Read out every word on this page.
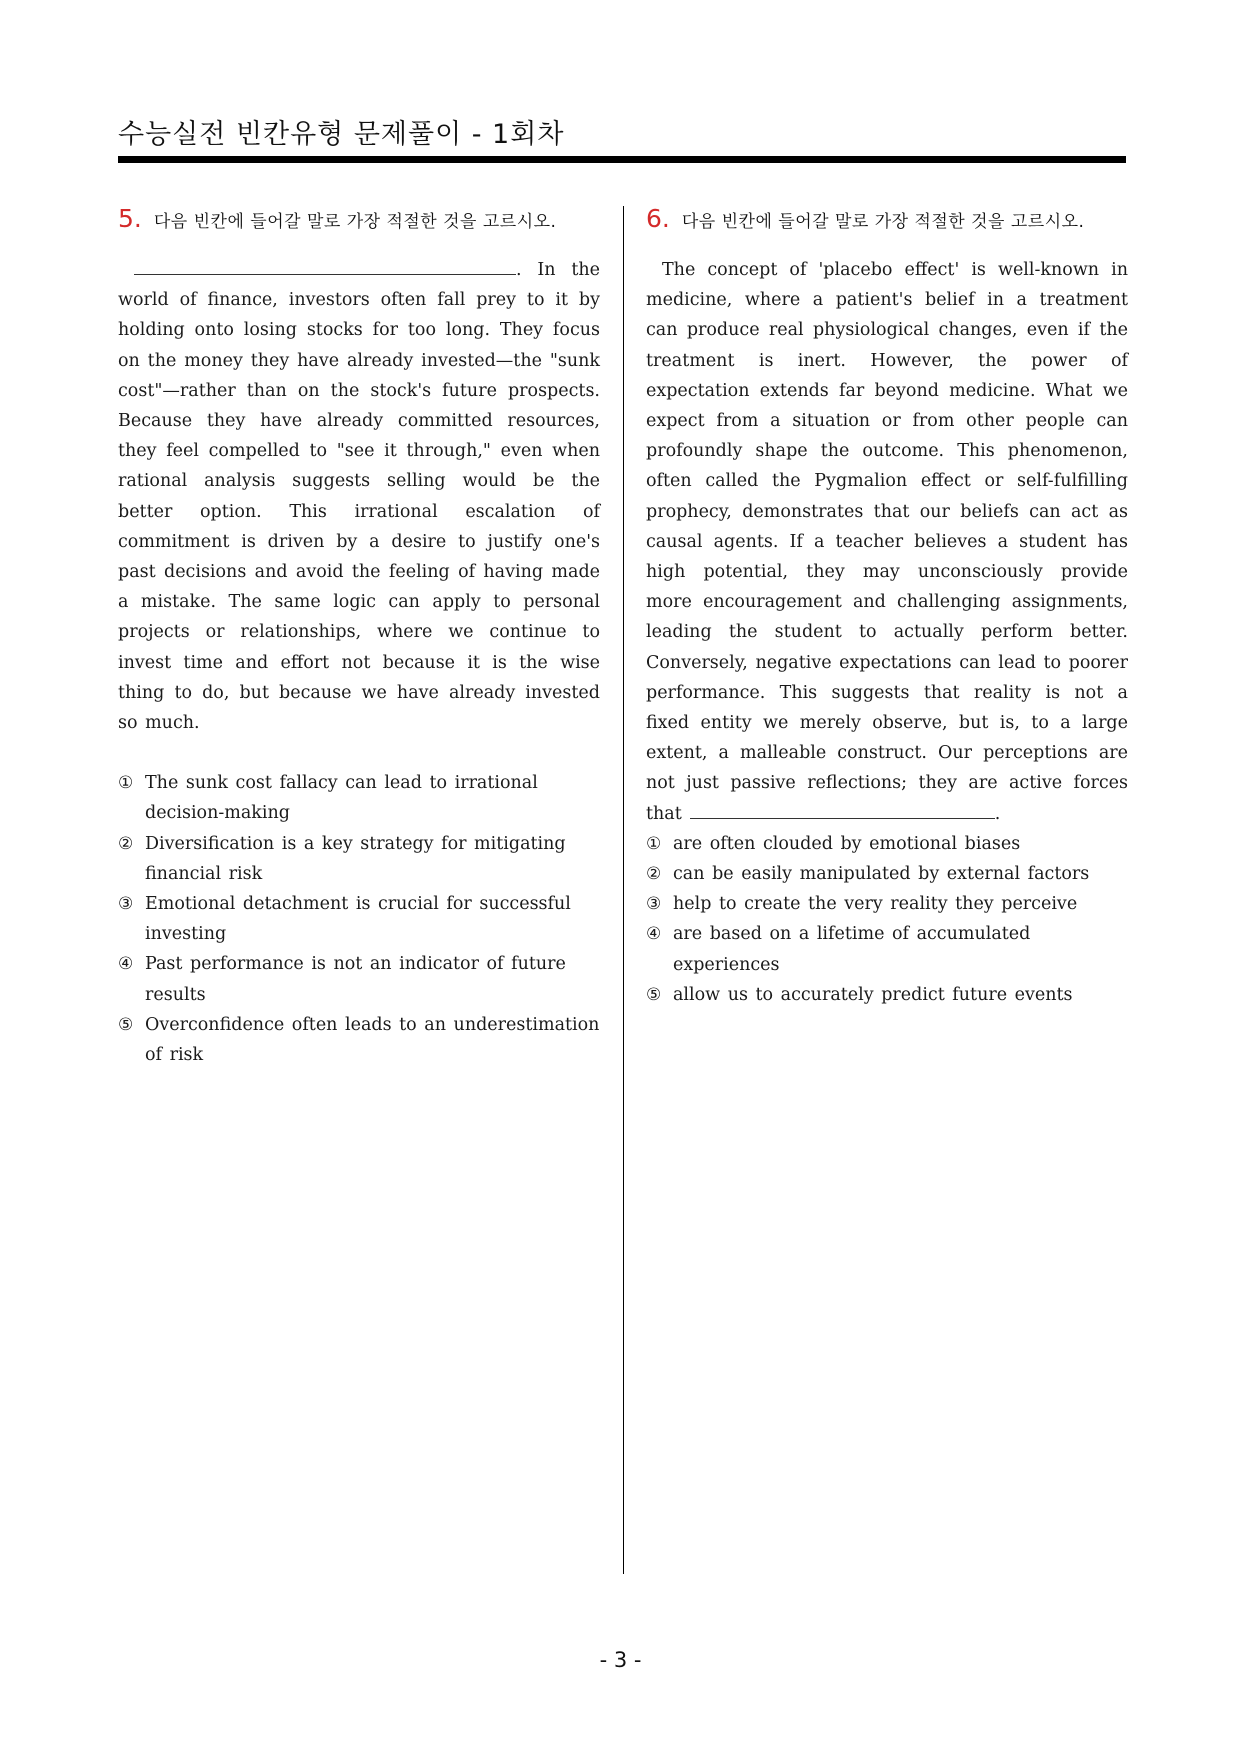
수능실전 빈칸유형 문제풀이 - 1회차
5. 다음 빈칸에 들어갈 말로 가장 적절한 것을 고르시오.
. In the world of finance, investors often fall prey to it by holding onto losing stocks for too long. They focus on the money they have already invested—the "sunk cost"—rather than on the stock's future prospects. Because they have already committed resources, they feel compelled to "see it through," even when rational analysis suggests selling would be the better option. This irrational escalation of commitment is driven by a desire to justify one's past decisions and avoid the feeling of having made a mistake. The same logic can apply to personal projects or relationships, where we continue to invest time and effort not because it is the wise thing to do, but because we have already invested so much.
① The sunk cost fallacy can lead to irrational decision-making
② Diversification is a key strategy for mitigating financial risk
③ Emotional detachment is crucial for successful investing
④ Past performance is not an indicator of future results
⑤ Overconfidence often leads to an underestimation of risk
6. 다음 빈칸에 들어갈 말로 가장 적절한 것을 고르시오.
The concept of 'placebo effect' is well-known in medicine, where a patient's belief in a treatment can produce real physiological changes, even if the treatment is inert. However, the power of expectation extends far beyond medicine. What we expect from a situation or from other people can profoundly shape the outcome. This phenomenon, often called the Pygmalion effect or self-fulfilling prophecy, demonstrates that our beliefs can act as causal agents. If a teacher believes a student has high potential, they may unconsciously provide more encouragement and challenging assignments, leading the student to actually perform better. Conversely, negative expectations can lead to poorer performance. This suggests that reality is not a fixed entity we merely observe, but is, to a large extent, a malleable construct. Our perceptions are not just passive reflections; they are active forces that	.
① are often clouded by emotional biases
② can be easily manipulated by external factors
③ help to create the very reality they perceive
④ are based on a lifetime of accumulated experiences
⑤ allow us to accurately predict future events
- 3 -
